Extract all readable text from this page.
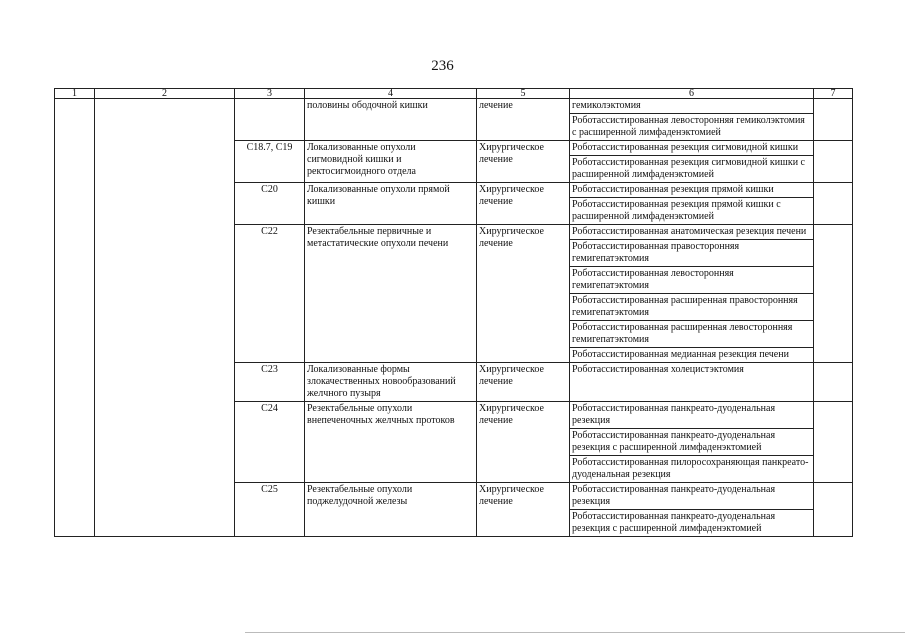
236
1	2	3	4	5	6	7
			половины ободочной кишки	лечение	гемиколэктомия	
					Роботассистированная левосторонняя гемиколэктомия с расширенной лимфаденэктомией	
		C18.7, C19	Локализованные опухоли сигмовидной кишки и ректосигмоидного отдела	Хирургическое лечение	Роботассистированная резекция сигмовидной кишки	
					Роботассистированная резекция сигмовидной кишки с расширенной лимфаденэктомией	
		C20	Локализованные опухоли прямой кишки	Хирургическое лечение	Роботассистированная резекция прямой кишки	
					Роботассистированная резекция прямой кишки с расширенной лимфаденэктомией	
		C22	Резектабельные первичные и метастатические опухоли печени	Хирургическое лечение	Роботассистированная анатомическая резекция печени	
					Роботассистированная правосторонняя гемигепатэктомия	
					Роботассистированная левосторонняя гемигепатэктомия	
					Роботассистированная расширенная правосторонняя гемигепатэктомия	
					Роботассистированная расширенная левосторонняя гемигепатэктомия	
					Роботассистированная медианная резекция печени	
		C23	Локализованные формы злокачественных новообразований желчного пузыря	Хирургическое лечение	Роботассистированная холецистэктомия	
		C24	Резектабельные опухоли внепеченочных желчных протоков	Хирургическое лечение	Роботассистированная панкреато-дуоденальная резекция	
					Роботассистированная панкреато-дуоденальная резекция с расширенной лимфаденэктомией	
					Роботассистированная пилоросохраняющая панкреато-дуоденальная резекция	
		C25	Резектабельные опухоли поджелудочной железы	Хирургическое лечение	Роботассистированная панкреато-дуоденальная резекция	
					Роботассистированная панкреато-дуоденальная резекция с расширенной лимфаденэктомией	
